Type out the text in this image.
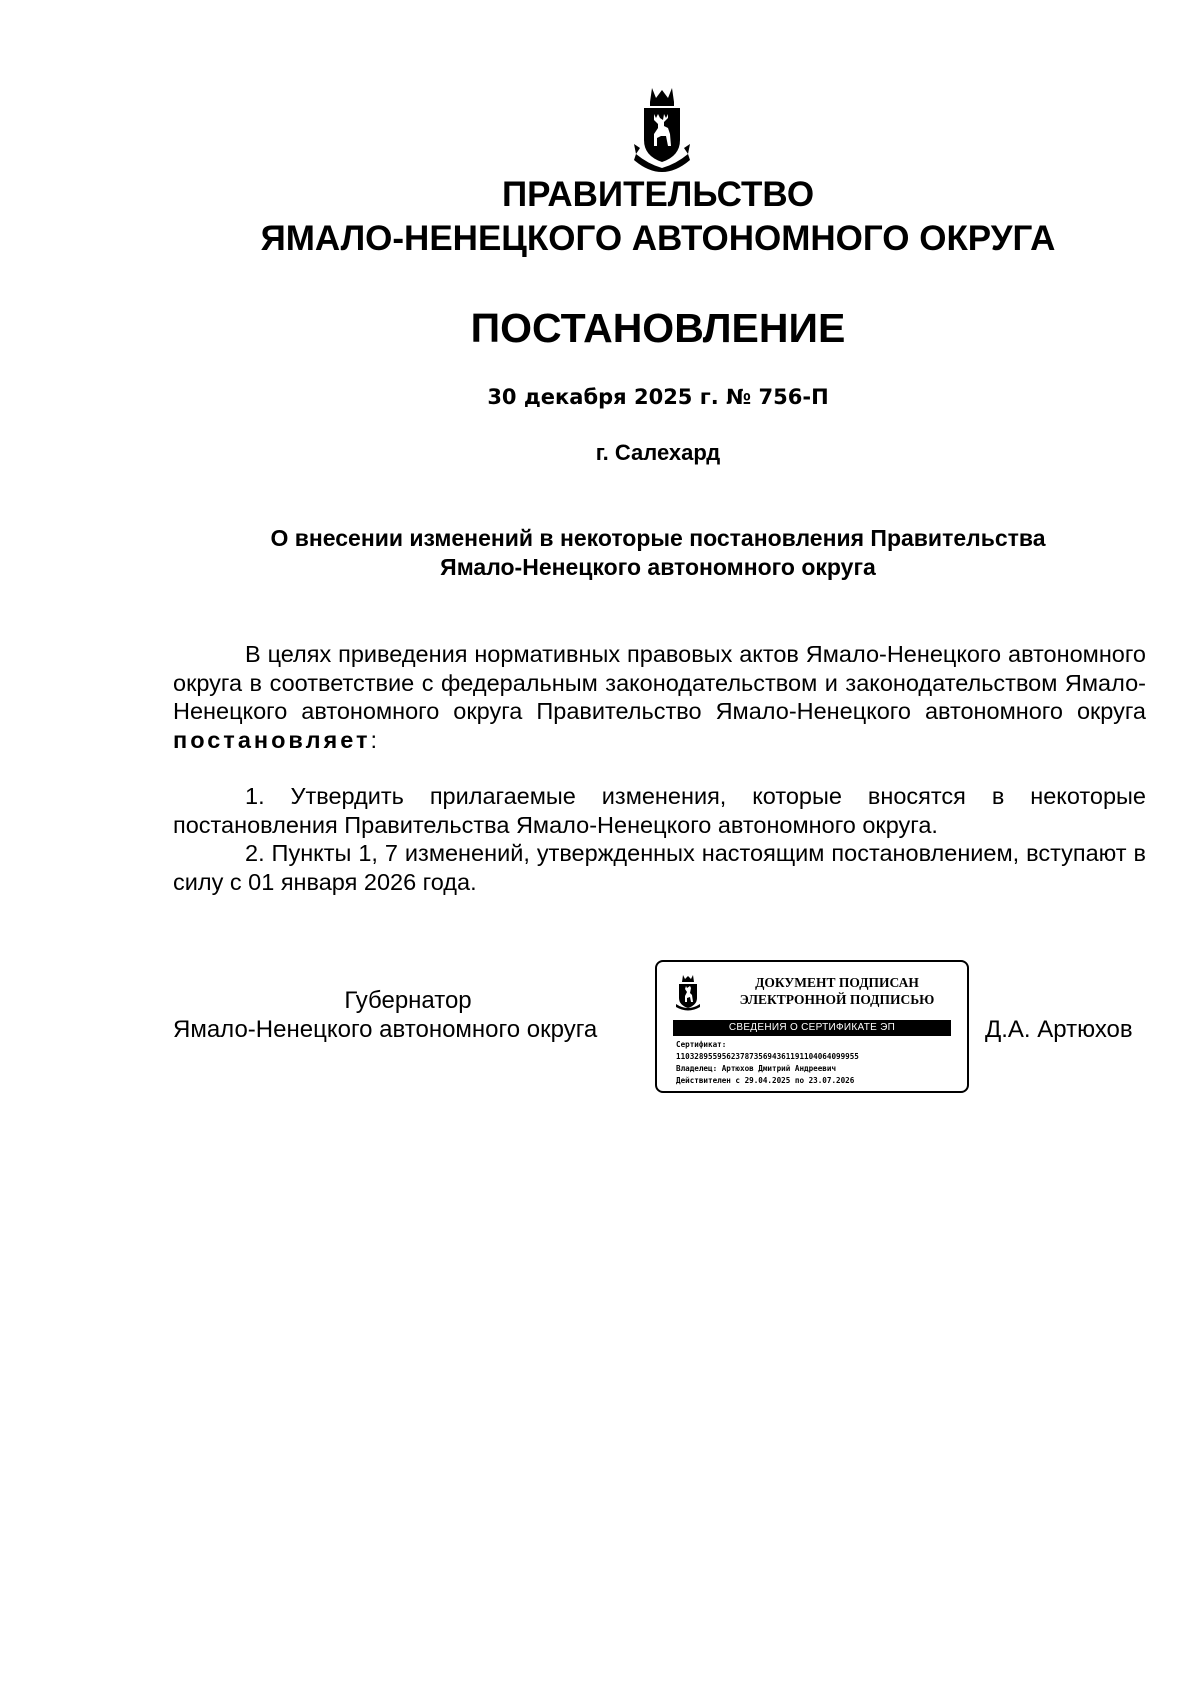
ПРАВИТЕЛЬСТВО
ЯМАЛО-НЕНЕЦКОГО АВТОНОМНОГО ОКРУГА
ПОСТАНОВЛЕНИЕ
30 декабря 2025 г. № 756-П
г. Салехард
О внесении изменений в некоторые постановления Правительства
Ямало-Ненецкого автономного округа

В целях приведения нормативных правовых актов Ямало-Ненецкого автономного округа в соответствие с федеральным законодательством и законодательством Ямало-Ненецкого автономного округа Правительство Ямало-Ненецкого автономного округа постановляет:

1. Утвердить прилагаемые изменения, которые вносятся в некоторые постановления Правительства Ямало-Ненецкого автономного округа.

2. Пункты 1, 7 изменений, утвержденных настоящим постановлением, вступают в силу с 01 января 2026 года.

Губернатор
Ямало-Ненецкого автономного округа
ДОКУМЕНТ ПОДПИСАН
ЭЛЕКТРОННОЙ ПОДПИСЬЮ
СВЕДЕНИЯ О СЕРТИФИКАТЕ ЭП
Сертификат:
1103289559562378735694361191104064099955
Владелец: Артюхов Дмитрий Андреевич
Действителен с 29.04.2025 по 23.07.2026
Д.А. Артюхов
